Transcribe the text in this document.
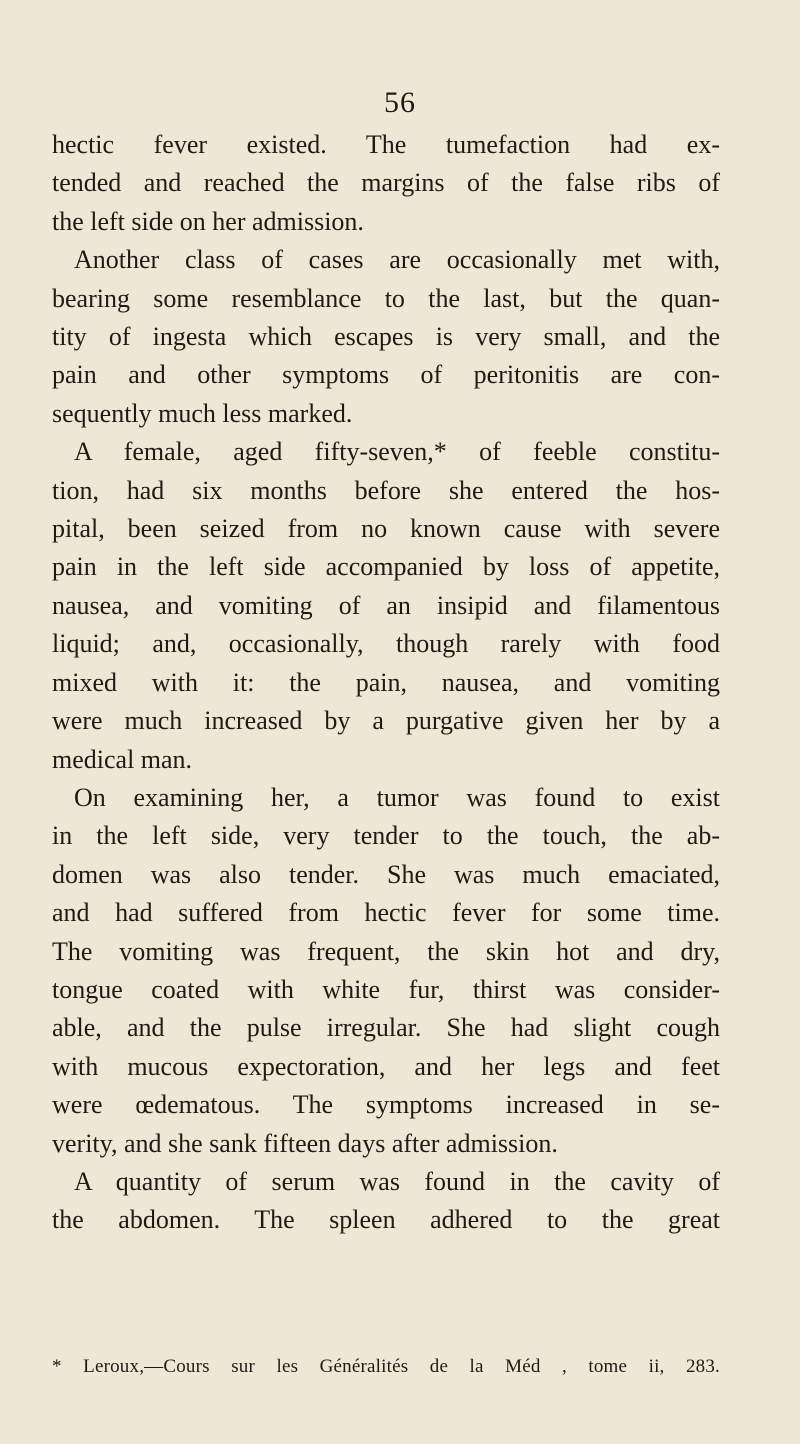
56
hectic fever existed. The tumefaction had ex-
tended and reached the margins of the false ribs of
the left side on her admission.
Another class of cases are occasionally met with,
bearing some resemblance to the last, but the quan-
tity of ingesta which escapes is very small, and the
pain and other symptoms of peritonitis are con-
sequently much less marked.
A female, aged fifty-seven,* of feeble constitu-
tion, had six months before she entered the hos-
pital, been seized from no known cause with severe
pain in the left side accompanied by loss of appetite,
nausea, and vomiting of an insipid and filamentous
liquid; and, occasionally, though rarely with food
mixed with it: the pain, nausea, and vomiting
were much increased by a purgative given her by a
medical man.
On examining her, a tumor was found to exist
in the left side, very tender to the touch, the ab-
domen was also tender. She was much emaciated,
and had suffered from hectic fever for some time.
The vomiting was frequent, the skin hot and dry,
tongue coated with white fur, thirst was consider-
able, and the pulse irregular. She had slight cough
with mucous expectoration, and her legs and feet
were œdematous. The symptoms increased in se-
verity, and she sank fifteen days after admission.
A quantity of serum was found in the cavity of
the abdomen. The spleen adhered to the great
* Leroux,—Cours sur les Généralités de la Méd , tome ii, 283.
